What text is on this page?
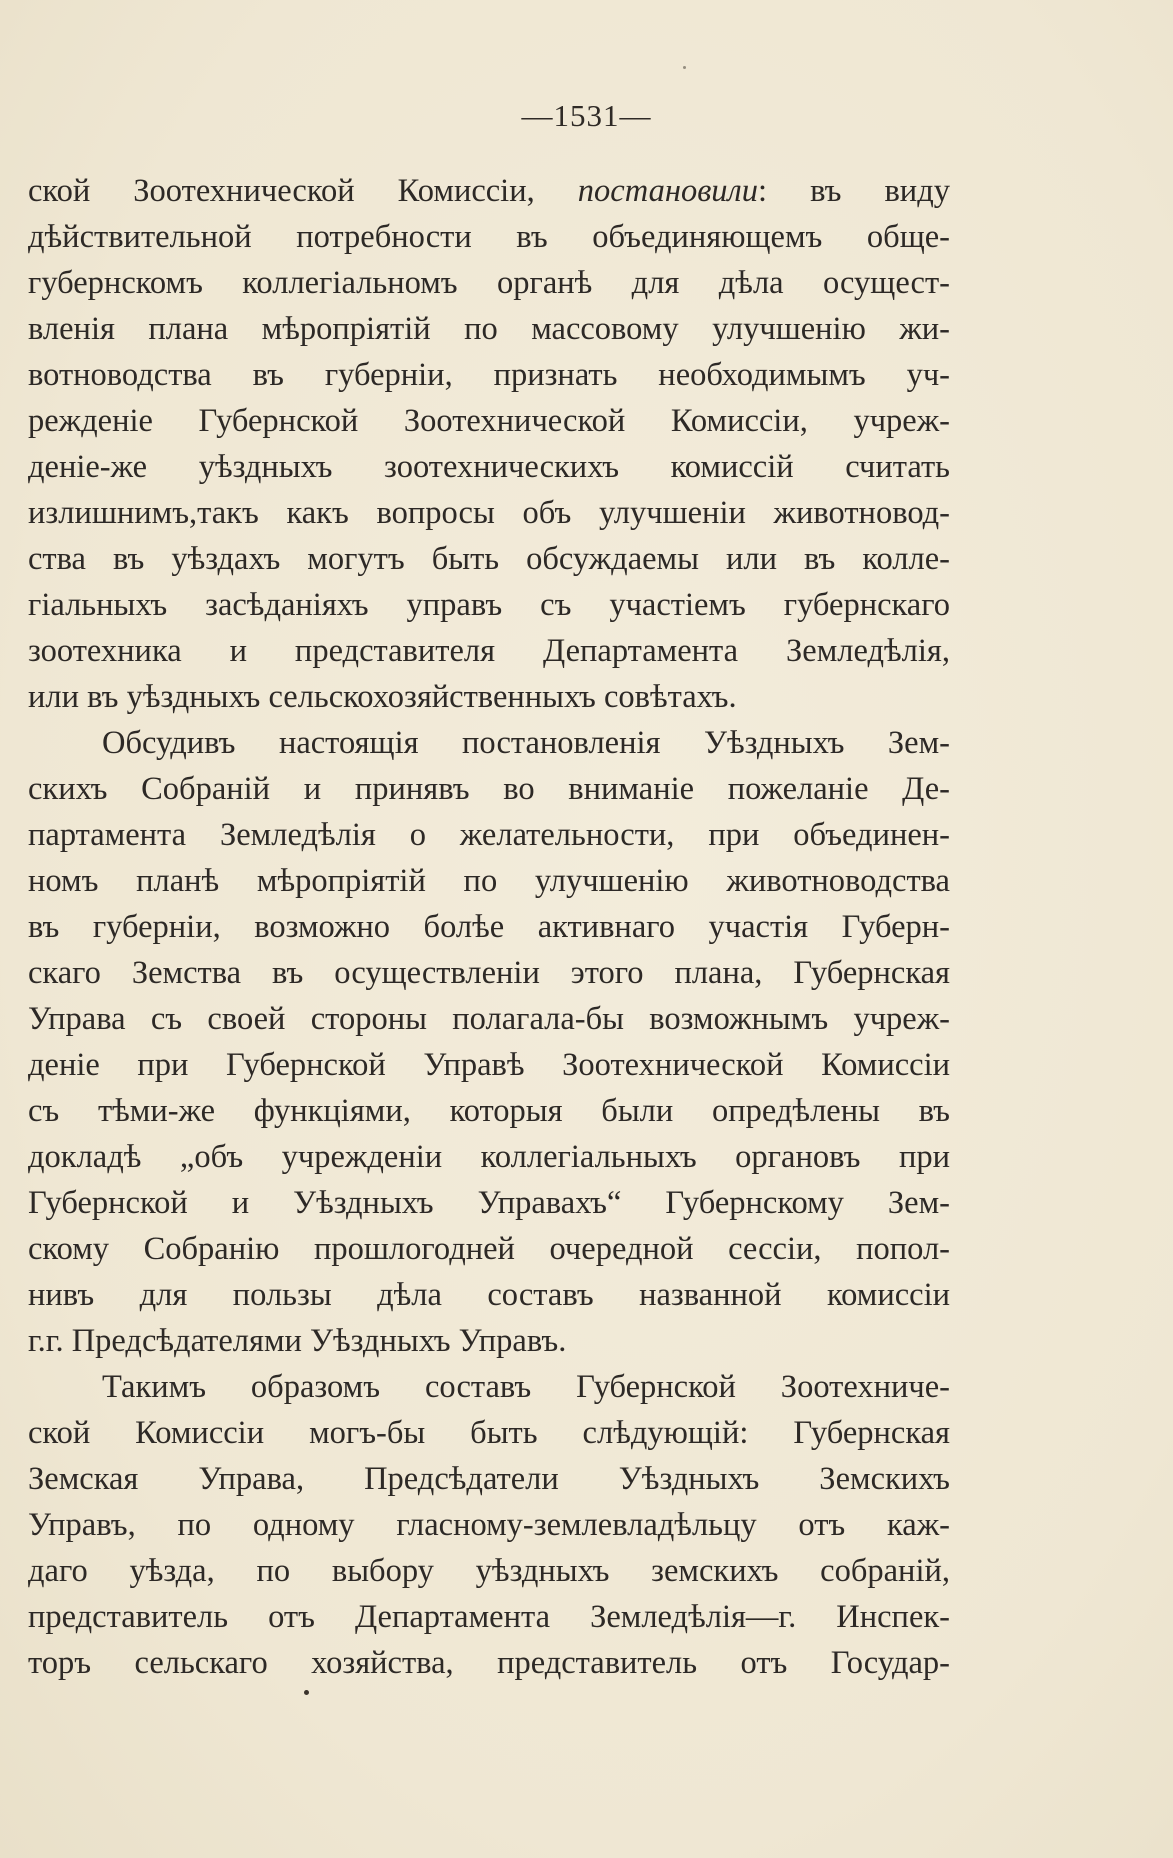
—1531—
ской Зоотехнической Комиссіи, постановили: въ виду
дѣйствительной потребности въ объединяющемъ обще-
губернскомъ коллегіальномъ органѣ для дѣла осущест-
вленія плана мѣропріятій по массовому улучшенію жи-
вотноводства въ губерніи, признать необходимымъ уч-
режденіе Губернской Зоотехнической Комиссіи, учреж-
деніе-же уѣздныхъ зоотехническихъ комиссій считать
излишнимъ,такъ какъ вопросы объ улучшеніи животновод-
ства въ уѣздахъ могутъ быть обсуждаемы или въ колле-
гіальныхъ засѣданіяхъ управъ съ участіемъ губернскаго
зоотехника и представителя Департамента Земледѣлія,
или въ уѣздныхъ сельскохозяйственныхъ совѣтахъ.
Обсудивъ настоящія постановленія Уѣздныхъ Зем-
скихъ Собраній и принявъ во вниманіе пожеланіе Де-
партамента Земледѣлія о желательности, при объединен-
номъ планѣ мѣропріятій по улучшенію животноводства
въ губерніи, возможно болѣе активнаго участія Губерн-
скаго Земства въ осуществленіи этого плана, Губернская
Управа съ своей стороны полагала-бы возможнымъ учреж-
деніе при Губернской Управѣ Зоотехнической Комиссіи
съ тѣми-же функціями, которыя были опредѣлены въ
докладѣ „объ учрежденіи коллегіальныхъ органовъ при
Губернской и Уѣздныхъ Управахъ“ Губернскому Зем-
скому Собранію прошлогодней очередной сессіи, попол-
нивъ для пользы дѣла составъ названной комиссіи
г.г. Предсѣдателями Уѣздныхъ Управъ.
Такимъ образомъ составъ Губернской Зоотехниче-
ской Комиссіи могъ-бы быть слѣдующій: Губернская
Земская Управа, Предсѣдатели Уѣздныхъ Земскихъ
Управъ, по одному гласному-землевладѣльцу отъ каж-
даго уѣзда, по выбору уѣздныхъ земскихъ собраній,
представитель отъ Департамента Земледѣлія—г. Инспек-
торъ сельскаго хозяйства, представитель отъ Государ-
